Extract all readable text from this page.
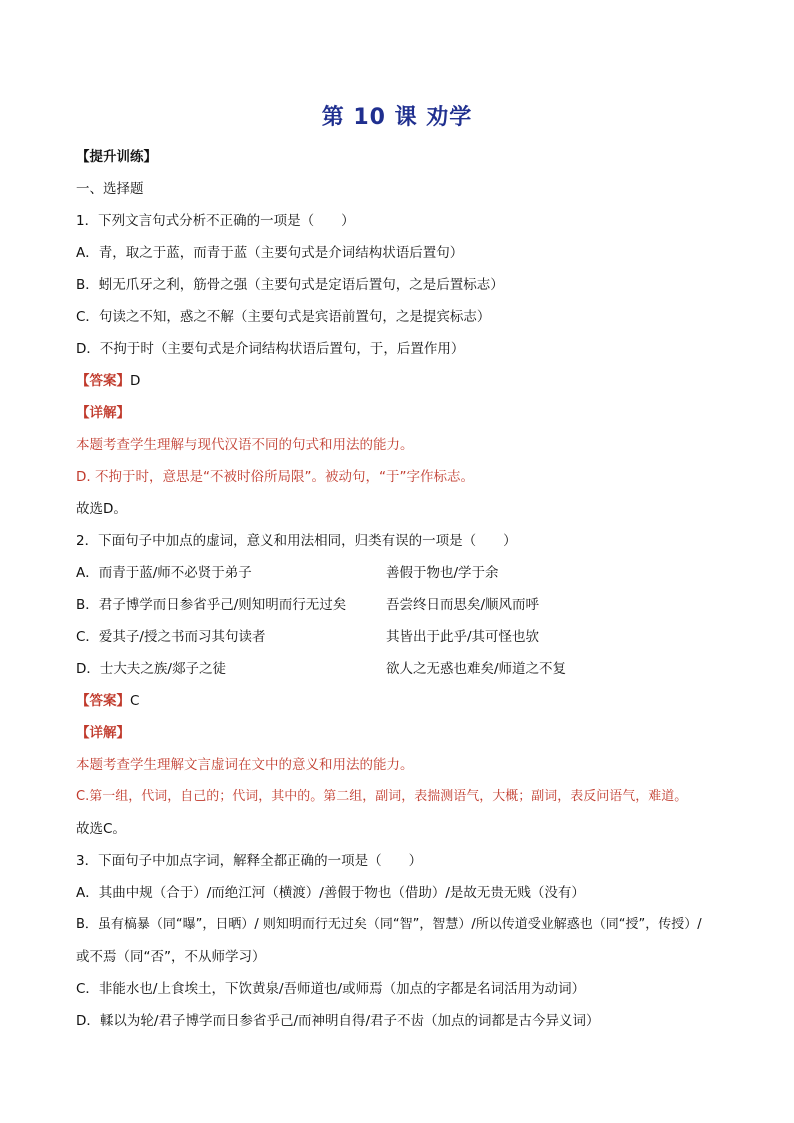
第 10 课 劝学
【提升训练】
一、选择题
1．下列文言句式分析不正确的一项是（　　）
A．青，取之于蓝，而青于蓝（主要句式是介词结构状语后置句）
B．蚓无爪牙之利，筋骨之强（主要句式是定语后置句，之是后置标志）
C．句读之不知，惑之不解（主要句式是宾语前置句，之是提宾标志）
D．不拘于时（主要句式是介词结构状语后置句，于，后置作用）
【答案】D
【详解】
本题考查学生理解与现代汉语不同的句式和用法的能力。
D. 不拘于时，意思是“不被时俗所局限”。被动句，“于”字作标志。
故选D。
2．下面句子中加点的虚词，意义和用法相同，归类有误的一项是（　　）
A．而青于蓝/师不必贤于弟子	善假于物也/学于余
B．君子博学而日参省乎己/则知明而行无过矣	吾尝终日而思矣/顺风而呼
C．爱其子/授之书而习其句读者	其皆出于此乎/其可怪也欤
D．士大夫之族/郯子之徒	欲人之无惑也难矣/师道之不复
【答案】C
【详解】
本题考查学生理解文言虚词在文中的意义和用法的能力。
C.第一组，代词，自己的；代词，其中的。第二组，副词，表揣测语气，大概；副词，表反问语气，难道。
故选C。
3．下面句子中加点字词，解释全都正确的一项是（　　）
A．其曲中规（合于）/而绝江河（横渡）/善假于物也（借助）/是故无贵无贱（没有）
B．虽有槁暴（同“曝”，日晒）/ 则知明而行无过矣（同“智”，智慧）/所以传道受业解惑也（同“授”，传授）/
或不焉（同“否”，不从师学习）
C．非能水也/上食埃土，下饮黄泉/吾师道也/或师焉（加点的字都是名词活用为动词）
D．輮以为轮/君子博学而日参省乎己/而神明自得/君子不齿（加点的词都是古今异义词）
